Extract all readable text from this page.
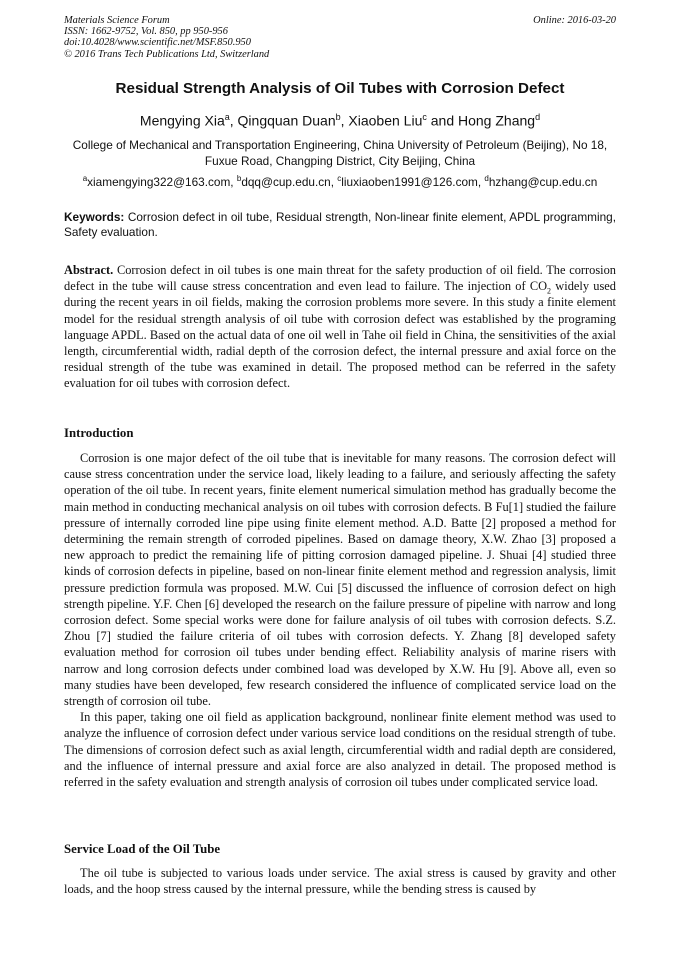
Materials Science Forum
ISSN: 1662-9752, Vol. 850, pp 950-956
doi:10.4028/www.scientific.net/MSF.850.950
© 2016 Trans Tech Publications Ltd, Switzerland
Online: 2016-03-20
Residual Strength Analysis of Oil Tubes with Corrosion Defect
Mengying Xia$^a$, Qingquan Duan$^b$, Xiaoben Liu$^c$ and Hong Zhang$^d$
College of Mechanical and Transportation Engineering, China University of Petroleum (Beijing), No 18, Fuxue Road, Changping District, City Beijing, China
$^a$xiamengying322@163.com, $^b$dqq@cup.edu.cn, $^c$liuxiaoben1991@126.com, $^d$hzhang@cup.edu.cn
Keywords: Corrosion defect in oil tube, Residual strength, Non-linear finite element, APDL programming, Safety evaluation.
Abstract. Corrosion defect in oil tubes is one main threat for the safety production of oil field. The corrosion defect in the tube will cause stress concentration and even lead to failure. The injection of $CO_2$ widely used during the recent years in oil fields, making the corrosion problems more severe. In this study a finite element model for the residual strength analysis of oil tube with corrosion defect was established by the programing language APDL. Based on the actual data of one oil well in Tahe oil field in China, the sensitivities of the axial length, circumferential width, radial depth of the corrosion defect, the internal pressure and axial force on the residual strength of the tube was examined in detail. The proposed method can be referred in the safety evaluation for oil tubes with corrosion defect.
Introduction

Corrosion is one major defect of the oil tube that is inevitable for many reasons. The corrosion defect will cause stress concentration under the service load, likely leading to a failure, and seriously affecting the safety operation of the oil tube. In recent years, finite element numerical simulation method has gradually become the main method in conducting mechanical analysis on oil tubes with corrosion defects. B Fu[1] studied the failure pressure of internally corroded line pipe using finite element method. A.D. Batte [2] proposed a method for determining the remain strength of corroded pipelines. Based on damage theory, X.W. Zhao [3] proposed a new approach to predict the remaining life of pitting corrosion damaged pipeline. J. Shuai [4] studied three kinds of corrosion defects in pipeline, based on non-linear finite element method and regression analysis, limit pressure prediction formula was proposed. M.W. Cui [5] discussed the influence of corrosion defect on high strength pipeline. Y.F. Chen [6] developed the research on the failure pressure of pipeline with narrow and long corrosion defect. Some special works were done for failure analysis of oil tubes with corrosion defects. S.Z. Zhou [7] studied the failure criteria of oil tubes with corrosion defects. Y. Zhang [8] developed safety evaluation method for corrosion oil tubes under bending effect. Reliability analysis of marine risers with narrow and long corrosion defects under combined load was developed by X.W. Hu [9]. Above all, even so many studies have been developed, few research considered the influence of complicated service load on the strength of corrosion oil tube.

In this paper, taking one oil field as application background, nonlinear finite element method was used to analyze the influence of corrosion defect under various service load conditions on the residual strength of tube. The dimensions of corrosion defect such as axial length, circumferential width and radial depth are considered, and the influence of internal pressure and axial force are also analyzed in detail. The proposed method is referred in the safety evaluation and strength analysis of corrosion oil tubes under complicated service load.

Service Load of the Oil Tube

The oil tube is subjected to various loads under service. The axial stress is caused by gravity and other loads, and the hoop stress caused by the internal pressure, while the bending stress is caused by
